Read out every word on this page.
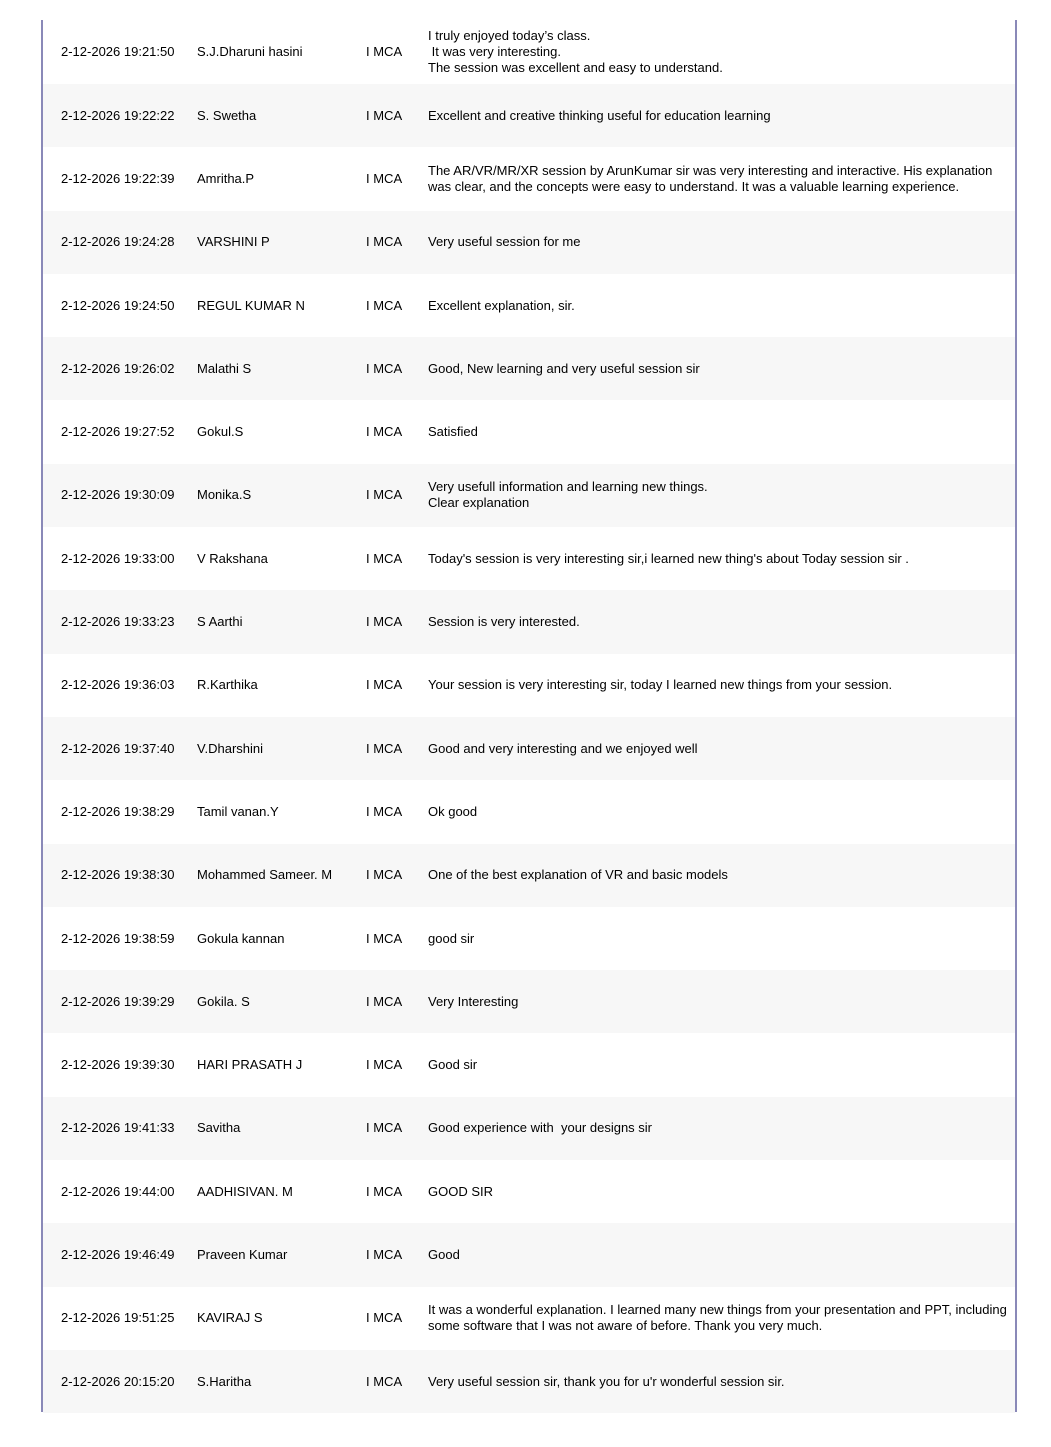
2-12-2026 19:21:50 S.J.Dharuni hasini	I MCA
I truly enjoyed today’s class.
It was very interesting.
The session was excellent and easy to understand.
2-12-2026 19:22:22 S. Swetha	I MCA Excellent and creative thinking useful for education learning
2-12-2026 19:22:39 Amritha.P	I MCA
The AR/VR/MR/XR session by ArunKumar sir was very interesting and interactive. His explanation was clear, and the concepts were easy to understand. It was a valuable learning experience.
2-12-2026 19:24:28 VARSHINI P	I MCA Very useful session for me
2-12-2026 19:24:50 REGUL KUMAR N	I MCA Excellent explanation, sir.
2-12-2026 19:26:02 Malathi S	I MCA Good, New learning and very useful session sir
2-12-2026 19:27:52 Gokul.S	I MCA Satisfied
2-12-2026 19:30:09 Monika.S	I MCA
Very usefull information and learning new things.
Clear explanation
2-12-2026 19:33:00 V Rakshana	I MCA Today's session is very interesting sir,i learned new thing's about Today session sir .
2-12-2026 19:33:23 S Aarthi	I MCA Session is very interested.
2-12-2026 19:36:03 R.Karthika	I MCA Your session is very interesting sir, today I learned new things from your session.
2-12-2026 19:37:40 V.Dharshini	I MCA Good and very interesting and we enjoyed well
2-12-2026 19:38:29 Tamil vanan.Y	I MCA Ok good
2-12-2026 19:38:30 Mohammed Sameer. M	I MCA One of the best explanation of VR and basic models
2-12-2026 19:38:59 Gokula kannan	I MCA good sir
2-12-2026 19:39:29 Gokila. S	I MCA Very Interesting
2-12-2026 19:39:30 HARI PRASATH J	I MCA Good sir
2-12-2026 19:41:33 Savitha	I MCA Good experience with  your designs sir
2-12-2026 19:44:00 AADHISIVAN. M	I MCA GOOD SIR
2-12-2026 19:46:49 Praveen Kumar	I MCA Good
2-12-2026 19:51:25 KAVIRAJ S	I MCA
It was a wonderful explanation. I learned many new things from your presentation and PPT, including some software that I was not aware of before. Thank you very much.
2-12-2026 20:15:20 S.Haritha	I MCA Very useful session sir, thank you for u'r wonderful session sir.
